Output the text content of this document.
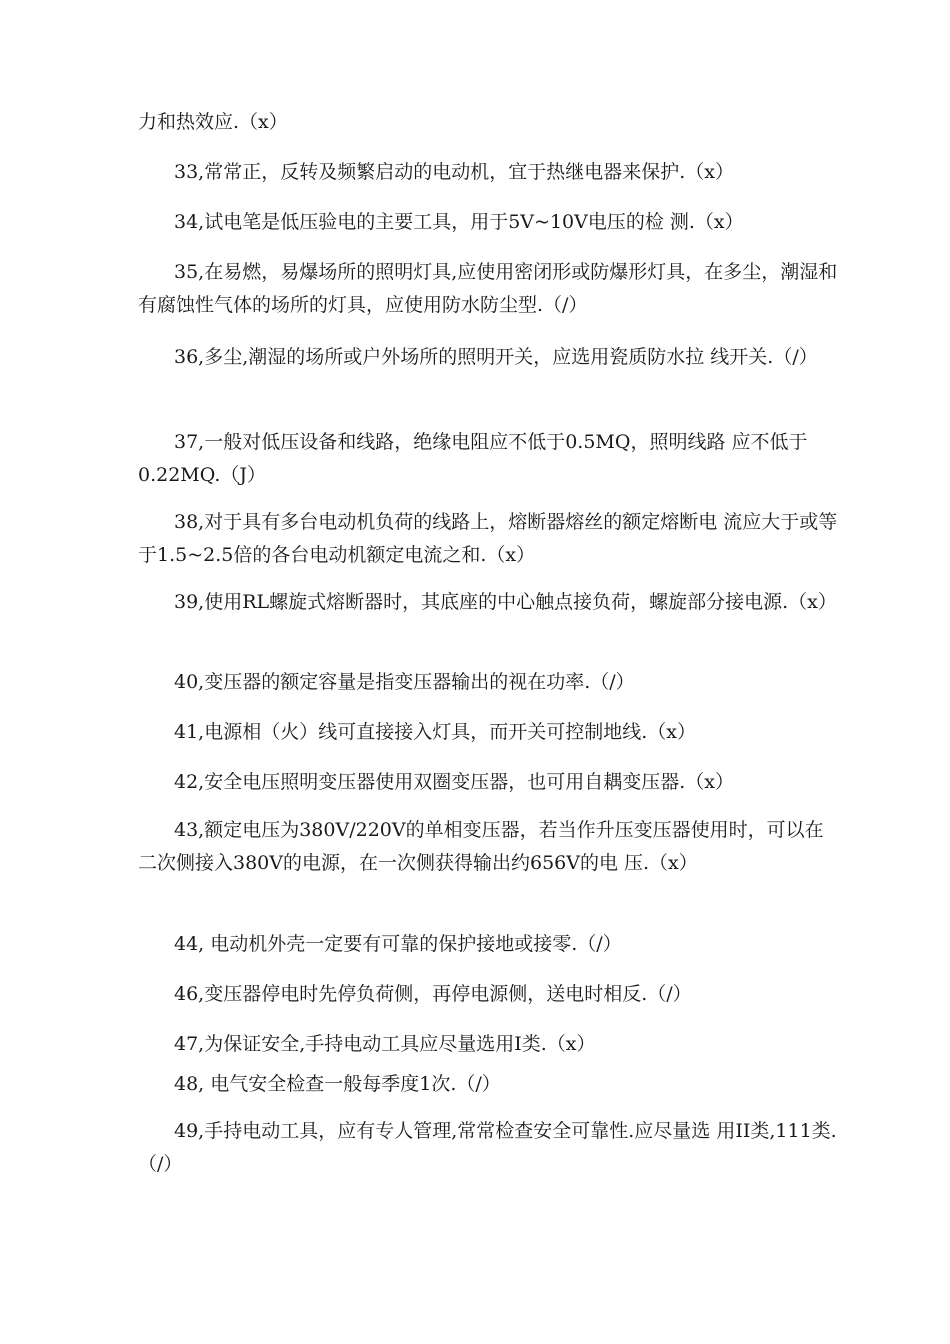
力和热效应.（x）

33,常常正，反转及频繁启动的电动机，宜于热继电器来保护.（x）

34,试电笔是低压验电的主要工具，用于5V~10V电压的检 测.（x）

35,在易燃，易爆场所的照明灯具,应使用密闭形或防爆形灯具，在多尘，潮湿和有腐蚀性气体的场所的灯具，应使用防水防尘型.（/）

36,多尘,潮湿的场所或户外场所的照明开关，应选用瓷质防水拉 线开关.（/）

37,一般对低压设备和线路，绝缘电阻应不低于0.5MQ，照明线路 应不低于0.22MQ.（J）

38,对于具有多台电动机负荷的线路上，熔断器熔丝的额定熔断电 流应大于或等于1.5~2.5倍的各台电动机额定电流之和.（x）

39,使用RL螺旋式熔断器时，其底座的中心触点接负荷，螺旋部分接电源.（x）

40,变压器的额定容量是指变压器输出的视在功率.（/）

41,电源相（火）线可直接接入灯具，而开关可控制地线.（x）

42,安全电压照明变压器使用双圈变压器，也可用自耦变压器.（x）

43,额定电压为380V/220V的单相变压器，若当作升压变压器使用时，可以在二次侧接入380V的电源，在一次侧获得输出约656V的电 压.（x）

44, 电动机外壳一定要有可靠的保护接地或接零.（/）

46,变压器停电时先停负荷侧，再停电源侧，送电时相反.（/）

47,为保证安全,手持电动工具应尽量选用I类.（x）

48, 电气安全检查一般每季度1次.（/）

49,手持电动工具，应有专人管理,常常检查安全可靠性.应尽量选 用II类,111类.（/）
